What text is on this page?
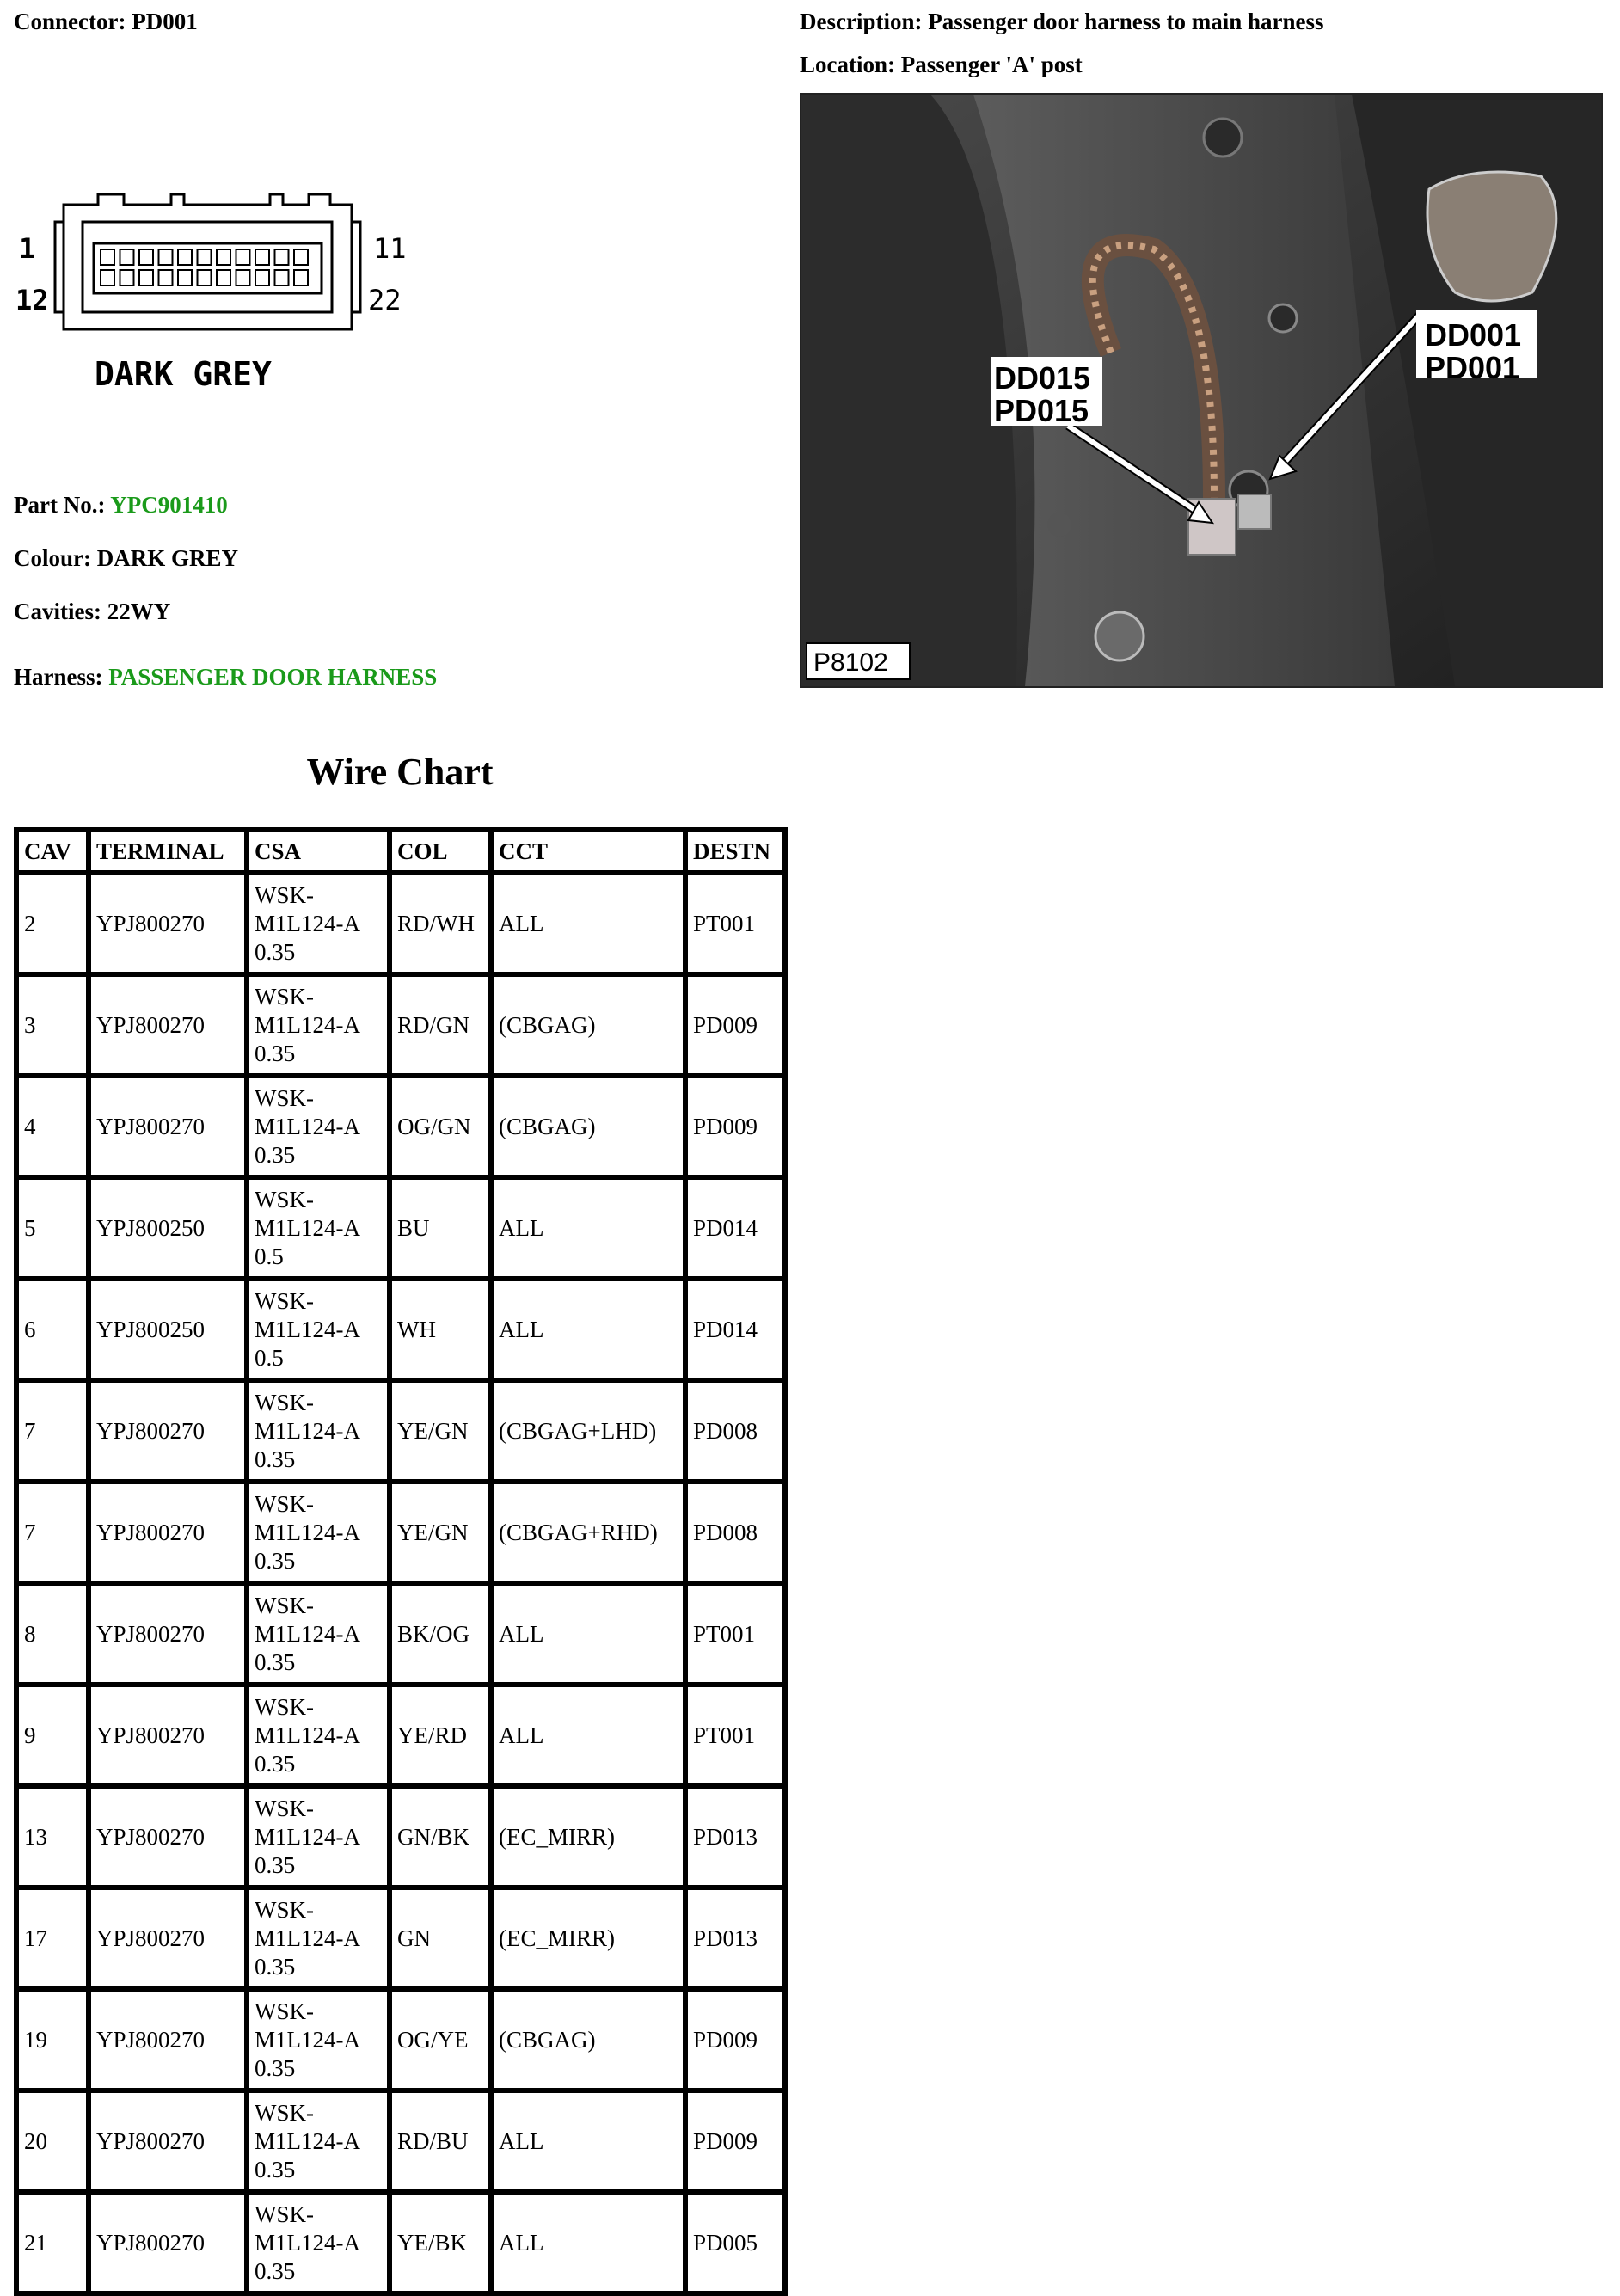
Connector: PD001	Description: Passenger door harness to main harness
Location: Passenger 'A' post
1
12
11
22
DARK GREY
Part No.: YPC901410
Colour: DARK GREY
Cavities: 22WY
Harness: PASSENGER DOOR HARNESS
DD015
PD015
DD001
PD001
P8102
Wire Chart
CAV	TERMINAL	CSA	COL	CCT	DESTN
2	YPJ800270	WSK-
M1L124-A
0.35	RD/WH	ALL	PT001
3	YPJ800270	WSK-
M1L124-A
0.35	RD/GN	(CBGAG)	PD009
4	YPJ800270	WSK-
M1L124-A
0.35	OG/GN	(CBGAG)	PD009
5	YPJ800250	WSK-
M1L124-A
0.5	BU	ALL	PD014
6	YPJ800250	WSK-
M1L124-A
0.5	WH	ALL	PD014
7	YPJ800270	WSK-
M1L124-A
0.35	YE/GN	(CBGAG+LHD)	PD008
7	YPJ800270	WSK-
M1L124-A
0.35	YE/GN	(CBGAG+RHD)	PD008
8	YPJ800270	WSK-
M1L124-A
0.35	BK/OG	ALL	PT001
9	YPJ800270	WSK-
M1L124-A
0.35	YE/RD	ALL	PT001
13	YPJ800270	WSK-
M1L124-A
0.35	GN/BK	(EC_MIRR)	PD013
17	YPJ800270	WSK-
M1L124-A
0.35	GN	(EC_MIRR)	PD013
19	YPJ800270	WSK-
M1L124-A
0.35	OG/YE	(CBGAG)	PD009
20	YPJ800270	WSK-
M1L124-A
0.35	RD/BU	ALL	PD009
21	YPJ800270	WSK-
M1L124-A
0.35	YE/BK	ALL	PD005
